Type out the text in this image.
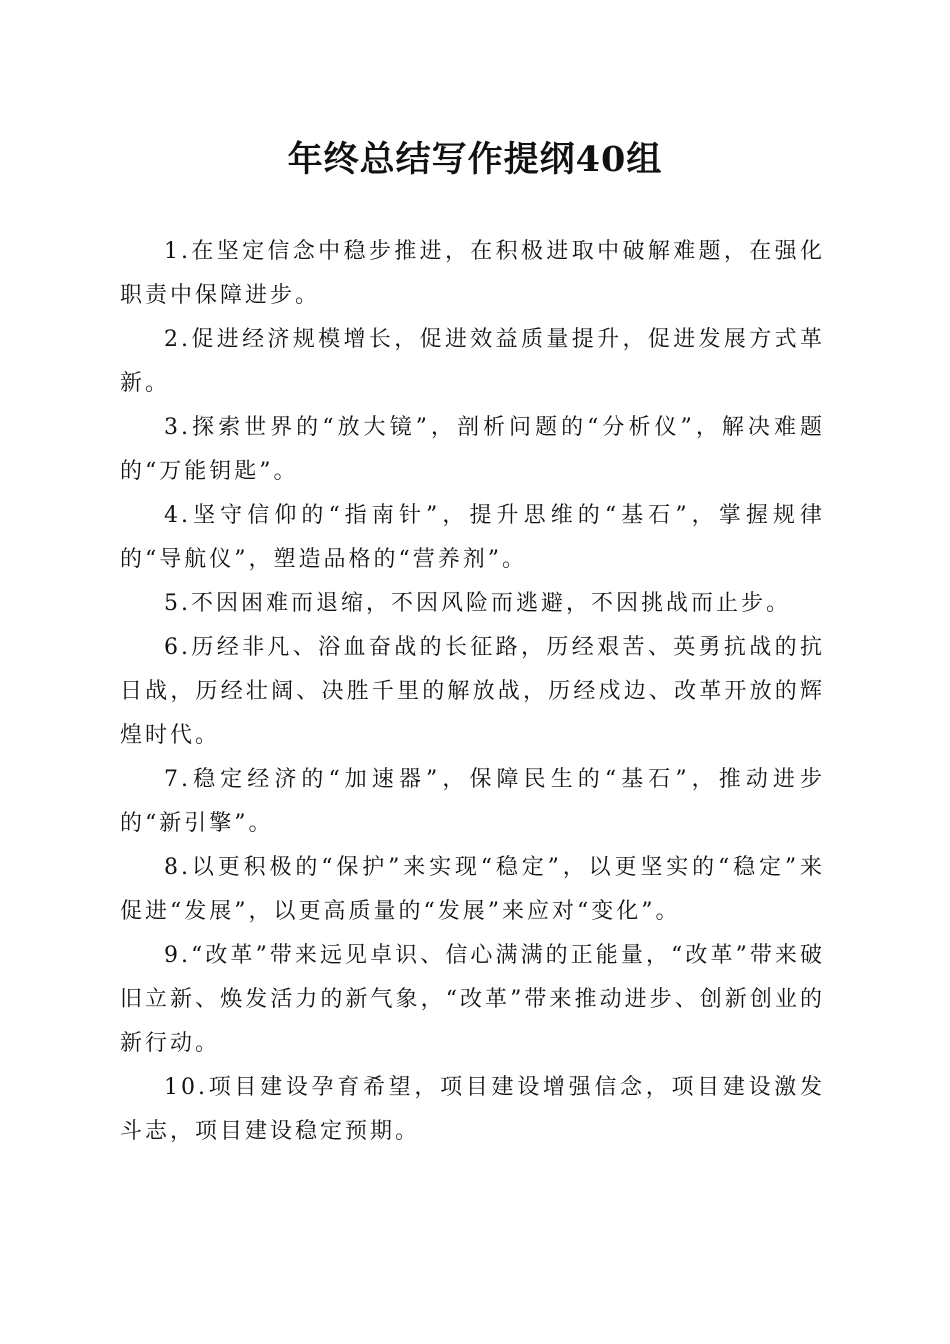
年终总结写作提纲40组

1.在坚定信念中稳步推进，在积极进取中破解难题，在强化职责中保障进步。

2.促进经济规模增长，促进效益质量提升，促进发展方式革新。

3.探索世界的“放大镜”，剖析问题的“分析仪”，解决难题的“万能钥匙”。

4.坚守信仰的“指南针”，提升思维的“基石”，掌握规律的“导航仪”，塑造品格的“营养剂”。

5.不因困难而退缩，不因风险而逃避，不因挑战而止步。

6.历经非凡、浴血奋战的长征路，历经艰苦、英勇抗战的抗日战，历经壮阔、决胜千里的解放战，历经戍边、改革开放的辉煌时代。

7.稳定经济的“加速器”，保障民生的“基石”，推动进步的“新引擎”。

8.以更积极的“保护”来实现“稳定”，以更坚实的“稳定”来促进“发展”，以更高质量的“发展”来应对“变化”。

9.“改革”带来远见卓识、信心满满的正能量，“改革”带来破旧立新、焕发活力的新气象，“改革”带来推动进步、创新创业的新行动。

10.项目建设孕育希望，项目建设增强信念，项目建设激发斗志，项目建设稳定预期。
